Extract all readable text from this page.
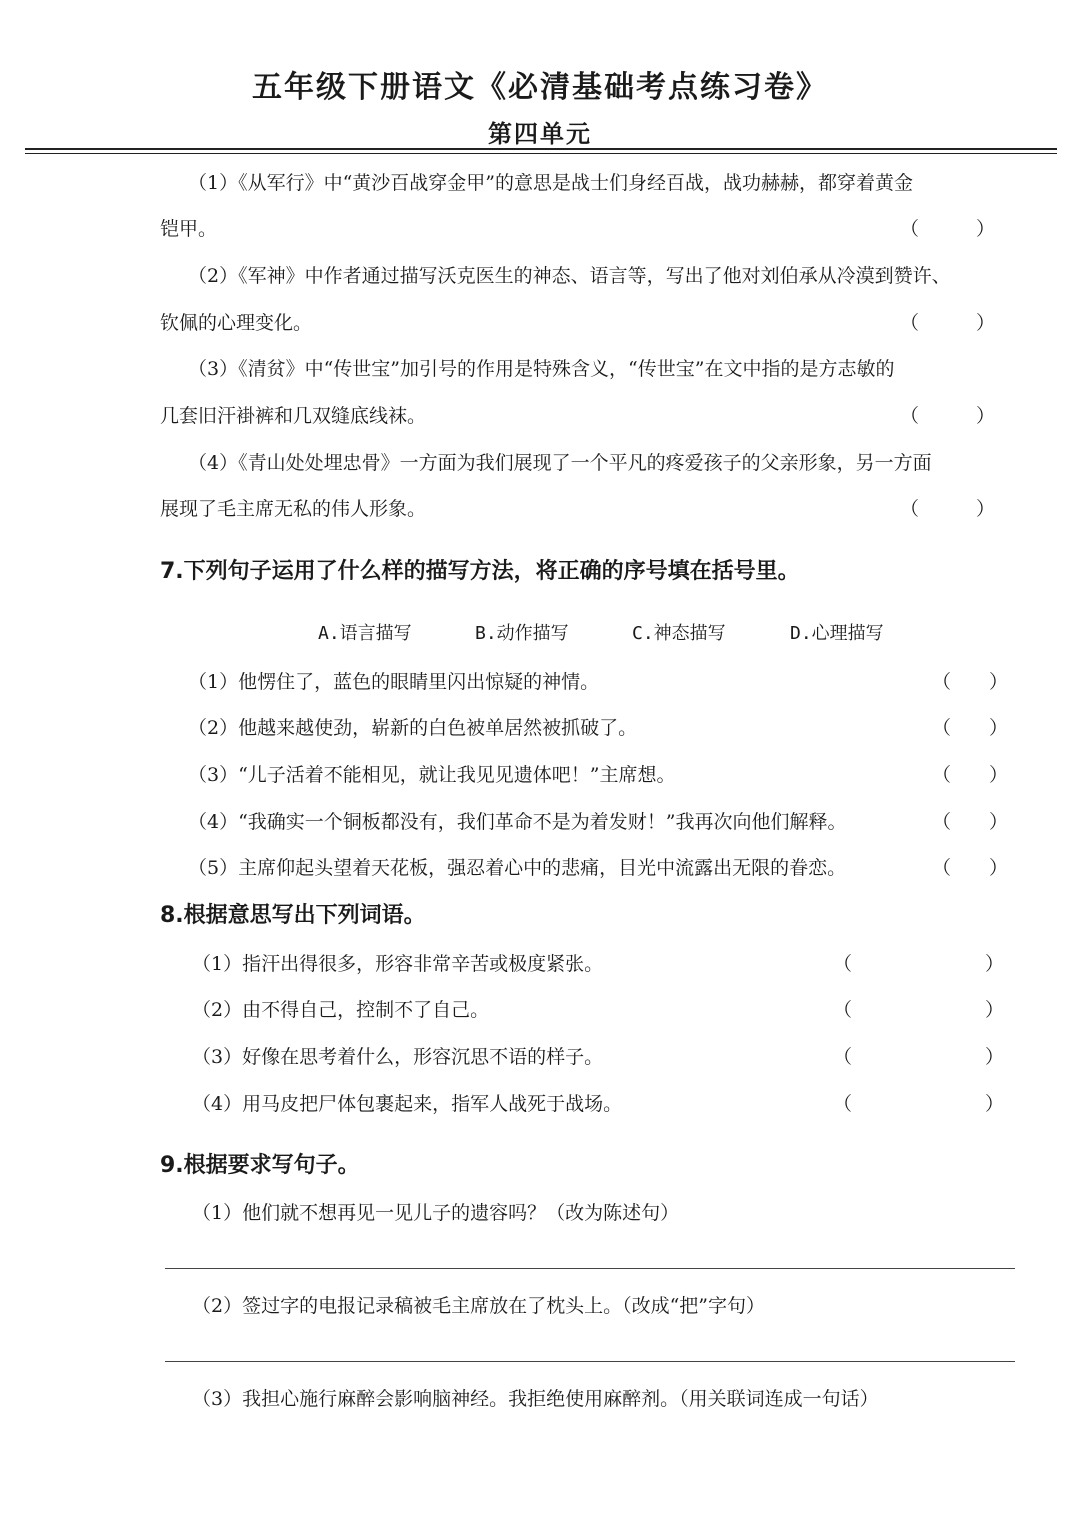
五年级下册语文《必清基础考点练习卷》
第四单元
（1）《从军行》中“黄沙百战穿金甲”的意思是战士们身经百战，战功赫赫，都穿着黄金
铠甲。	（　　　）
（2）《军神》中作者通过描写沃克医生的神态、语言等，写出了他对刘伯承从冷漠到赞许、
钦佩的心理变化。	（　　　）
（3）《清贫》中“传世宝”加引号的作用是特殊含义，“传世宝”在文中指的是方志敏的
几套旧汗褂裤和几双缝底线袜。	（　　　）
（4）《青山处处埋忠骨》一方面为我们展现了一个平凡的疼爱孩子的父亲形象，另一方面
展现了毛主席无私的伟人形象。	（　　　）
7.下列句子运用了什么样的描写方法，将正确的序号填在括号里。
A.语言描写	B.动作描写	C.神态描写	D.心理描写
（1）他愣住了，蓝色的眼睛里闪出惊疑的神情。	（　　）
（2）他越来越使劲，崭新的白色被单居然被抓破了。	（　　）
（3）“儿子活着不能相见，就让我见见遗体吧！”主席想。	（　　）
（4）“我确实一个铜板都没有，我们革命不是为着发财！”我再次向他们解释。	（　　）
（5）主席仰起头望着天花板，强忍着心中的悲痛，目光中流露出无限的眷恋。	（　　）
8.根据意思写出下列词语。
（1）指汗出得很多，形容非常辛苦或极度紧张。	（　　　　　　　）
（2）由不得自己，控制不了自己。	（　　　　　　　）
（3）好像在思考着什么，形容沉思不语的样子。	（　　　　　　　）
（4）用马皮把尸体包裹起来，指军人战死于战场。	（　　　　　　　）
9.根据要求写句子。
（1）他们就不想再见一见儿子的遗容吗？（改为陈述句）
（2）签过字的电报记录稿被毛主席放在了枕头上。（改成“把”字句）
（3）我担心施行麻醉会影响脑神经。我拒绝使用麻醉剂。（用关联词连成一句话）
